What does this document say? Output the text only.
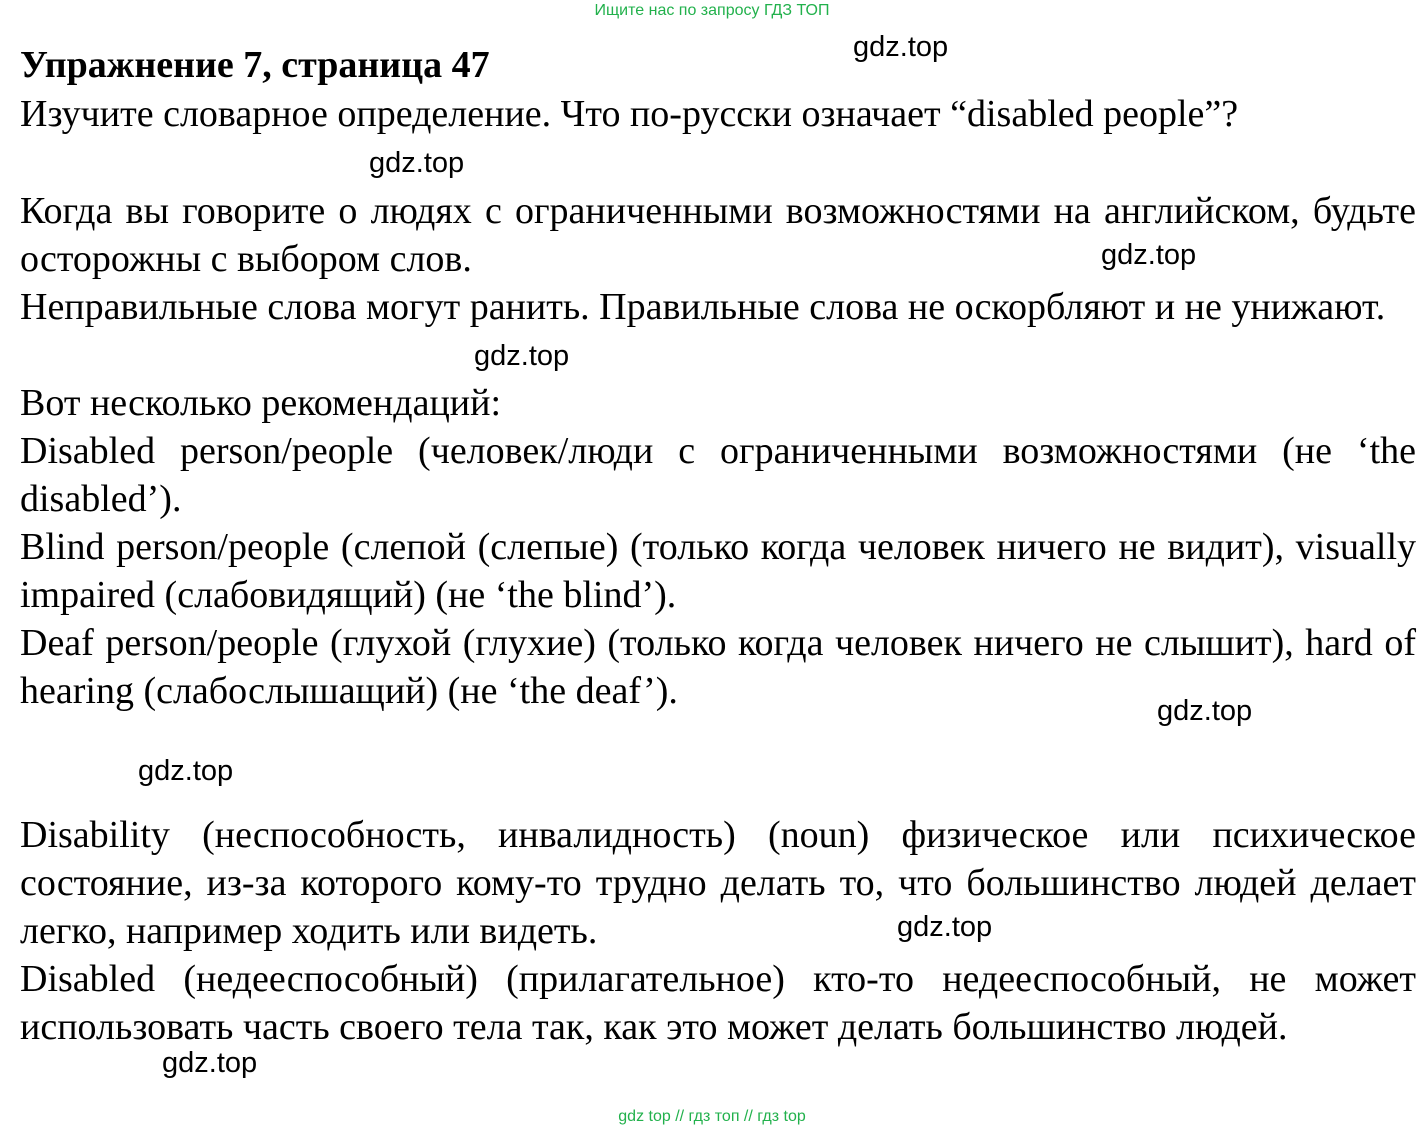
Ищите нас по запросу ГДЗ ТОП
Упражнение 7, страница 47
Изучите словарное определение. Что по-русски означает “disabled people”?
Когда вы говорите о людях с ограниченными возможностями на английском, будьте осторожны с выбором слов.
Неправильные слова могут ранить. Правильные слова не оскорбляют и не унижают.
Вот несколько рекомендаций:
Disabled person/people (человек/люди с ограниченными возможностями (не ‘the disabled’).
Blind person/people (слепой (слепые) (только когда человек ничего не видит), visually impaired (слабовидящий) (не ‘the blind’).
Deaf person/people (глухой (глухие) (только когда человек ничего не слышит), hard of hearing (слабослышащий) (не ‘the deaf’).
Disability (неспособность, инвалидность) (noun) физическое или психическое состояние, из-за которого кому-то трудно делать то, что большинство людей делает легко, например ходить или видеть.
Disabled (недееспособный) (прилагательное) кто-то недееспособный, не может использовать часть своего тела так, как это может делать большинство людей.
gdz.top
gdz.top
gdz.top
gdz.top
gdz.top
gdz.top
gdz.top
gdz.top
gdz top // гдз топ // гдз top
